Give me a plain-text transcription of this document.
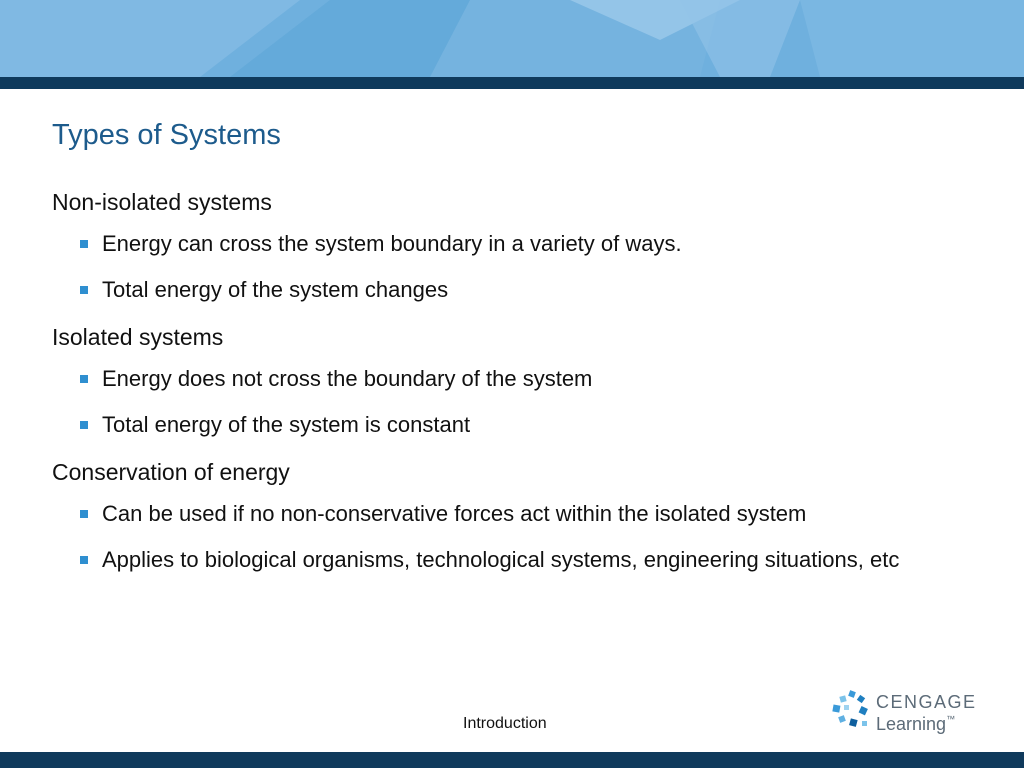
Types of Systems
Non-isolated systems
Energy can cross the system boundary in a variety of ways.
Total energy of the system changes
Isolated systems
Energy does not cross the boundary of the system
Total energy of the system is constant
Conservation of energy
Can be used if no non-conservative forces act within the isolated system
Applies to biological organisms, technological systems, engineering situations, etc
Introduction
CENGAGE
Learning™
